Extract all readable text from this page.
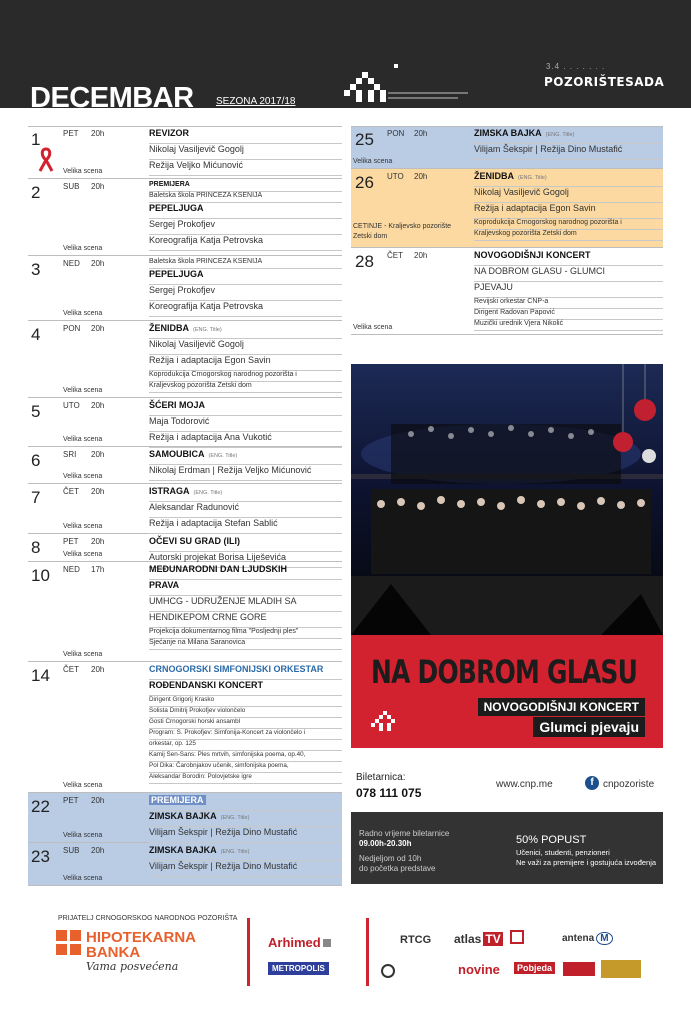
DECEMBAR SEZONA 2017/18
3.4 . . . . . . .
POZORIŠTESADA
NA DOBROM GLASU
NOVOGODIŠNJI KONCERT
Glumci pjevaju
Biletarnica:
078 111 075
www.cnp.me	f cnpozoriste
Radno vrijeme biletarnice
09.00h-20.30h
Nedjeljom od 10h
do početka predstave
50% POPUST
Učenici, studenti, penzioneri
Ne važi za premijere i gostujuća izvođenja
PRIJATELJ CRNOGORSKOG NARODNOG POZORIŠTA
HIPOTEKARNA
BANKA
Vama posvećena
Arhimed
METROPOLIS
RTCG atlas TV	antena M
novine	Pobjeda
1	PET 20h
Velika scena
REVIZOR
Nikolaj Vasiljevič Gogolj
Režija Veljko Mićunović
2	SUB 20h
Velika scena
PREMIJERA
Baletska škola PRINCEZA KSENIJA
PEPELJUGA
Sergej Prokofjev
Koreografija Katja Petrovska
3	NED 20h
Velika scena
Baletska škola PRINCEZA KSENIJA
PEPELJUGA
Sergej Prokofjev
Koreografija Katja Petrovska
4	PON 20h
Velika scena
ŽENIDBA (ENG. Title)
Nikolaj Vasiljevič Gogolj
Režija i adaptacija Egon Savin
Koprodukcija Crnogorskog narodnog pozorišta i
Kraljevskog pozorišta Zetski dom
5	UTO 20h
Velika scena
ŠĆERI MOJA
Maja Todorović
Režija i adaptacija Ana Vukotić
6	SRI 20h
Velika scena
SAMOUBICA (ENG. Title)
Nikolaj Erdman | Režija Veljko Mićunović
7	ČET 20h
Velika scena
ISTRAGA (ENG. Title)
Aleksandar Radunović
Režija i adaptacija Stefan Sablić
8	PET 20h
Velika scena
OČEVI SU GRAD (ILI)
Autorski projekat Borisa Liješevića
10 NED 17h
Velika scena
MEĐUNARODNI DAN LJUDSKIH
PRAVA
UMHCG - UDRUŽENJE MLADIH SA
HENDIKEPOM CRNE GORE
Projekcija dokumentarnog filma "Posljednji ples"
Sjećanje na Milana Saranovica
14 ČET 20h
Velika scena
CRNOGORSKI SIMFONIJSKI ORKESTAR
ROĐENDANSKI KONCERT
Dirigent Grigorij Krasko
Solista Dmitrij Prokofjev violončelo
Gosti Crnogorski horski ansambl
Program: S. Prokofjev: Simfonija-Koncert za violončelo i
orkestar, op. 125
Kamij Sen-Sans: Ples mrtvih, simfonijska poema, op.40,
Pol Dika: Čarobnjakov učenik, simfonijska poema,
Aleksandar Borodin: Polovjetske igre
22 PET 20h
Velika scena
PREMIJERA
ZIMSKA BAJKA (ENG. Title)
Vilijam Šekspir | Režija Dino Mustafić
23 SUB 20h
Velika scena
ZIMSKA BAJKA (ENG. Title)
Vilijam Šekspir | Režija Dino Mustafić
25 PON 20h
Velika scena
ZIMSKA BAJKA (ENG. Title)
Vilijam Šekspir | Režija Dino Mustafić
26 UTO 20h
CETINJE - Kraljevsko pozorište Zetski dom
ŽENIDBA (ENG. Title)
Nikolaj Vasiljevič Gogolj
Režija i adaptacija Egon Savin
Koprodukcija Crnogorskog narodnog pozorišta i
Kraljevskog pozorišta Zetski dom
28 ČET 20h
Velika scena
NOVOGODIŠNJI KONCERT
NA DOBROM GLASU - GLUMCI
PJEVAJU
Revijski orkestar CNP-a
Dirigent Radovan Papović
Muzički urednik Vjera Nikolić
